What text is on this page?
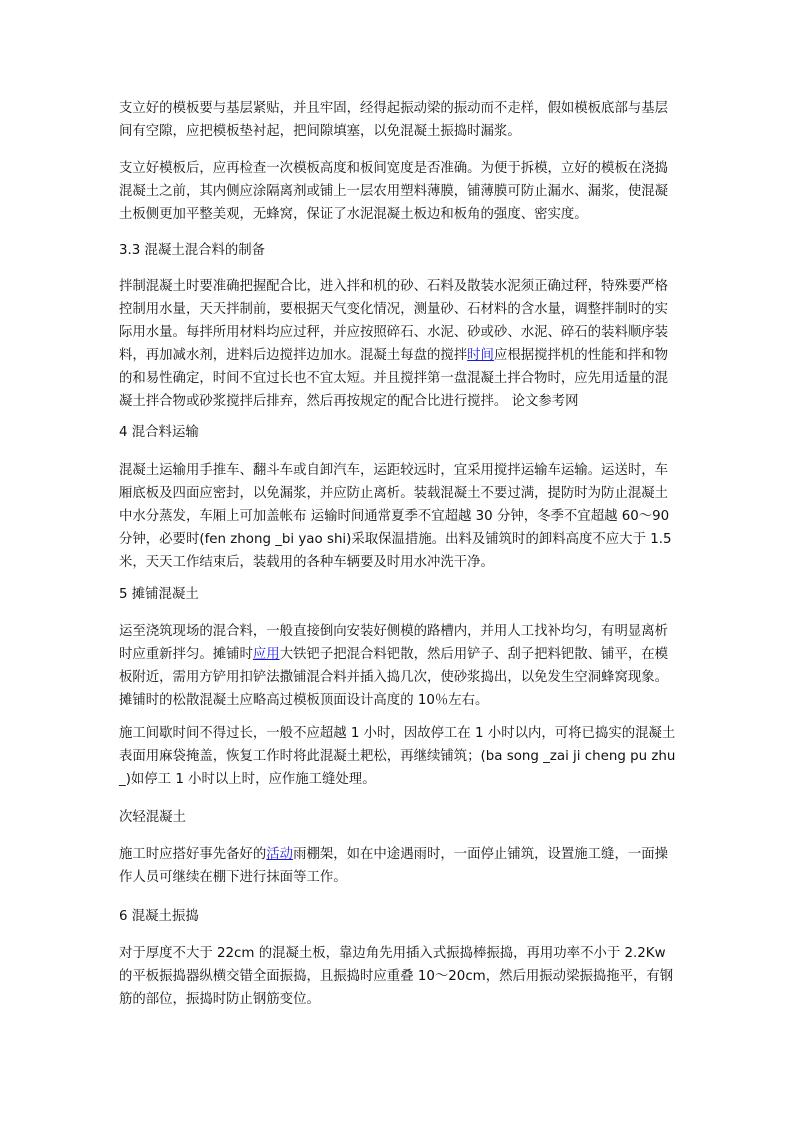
支立好的模板要与基层紧贴，并且牢固，经得起振动梁的振动而不走样，假如模板底部与基层间有空隙，应把模板垫衬起，把间隙填塞，以免混凝土振捣时漏浆。

支立好模板后，应再检查一次模板高度和板间宽度是否准确。为便于拆模，立好的模板在浇捣混凝土之前，其内侧应涂隔离剂或铺上一层农用塑料薄膜，铺薄膜可防止漏水、漏浆，使混凝土板侧更加平整美观，无蜂窝，保证了水泥混凝土板边和板角的强度、密实度。

3.3 混凝土混合料的制备

拌制混凝土时要准确把握配合比，进入拌和机的砂、石料及散装水泥须正确过秤，特殊要严格控制用水量，天天拌制前，要根据天气变化情况，测量砂、石材料的含水量，调整拌制时的实际用水量。每拌所用材料均应过秤，并应按照碎石、水泥、砂或砂、水泥、碎石的装料顺序装料，再加减水剂，进料后边搅拌边加水。混凝土每盘的搅拌时间应根据搅拌机的性能和拌和物的和易性确定，时间不宜过长也不宜太短。并且搅拌第一盘混凝土拌合物时，应先用适量的混凝土拌合物或砂浆搅拌后排弃，然后再按规定的配合比进行搅拌。 论文参考网

4 混合料运输

混凝土运输用手推车、翻斗车或自卸汽车，运距较远时，宜采用搅拌运输车运输。运送时，车厢底板及四面应密封，以免漏浆，并应防止离析。装载混凝土不要过满，提防时为防止混凝土中水分蒸发，车厢上可加盖帐布 运输时间通常夏季不宜超越 30 分钟，冬季不宜超越 60～90 分钟，必要时(fen zhong _bi yao shi)采取保温措施。出料及铺筑时的卸料高度不应大于 1.5 米，天天工作结束后，装载用的各种车辆要及时用水冲洗干净。

5 摊铺混凝土

运至浇筑现场的混合料，一般直接倒向安装好侧模的路槽内，并用人工找补均匀，有明显离析时应重新拌匀。摊铺时应用大铁钯子把混合料钯散，然后用铲子、刮子把料钯散、铺平，在模板附近，需用方铲用扣铲法撒铺混合料并插入捣几次，使砂浆捣出，以免发生空洞蜂窝现象。摊铺时的松散混凝土应略高过模板顶面设计高度的 10％左右。

施工间歇时间不得过长，一般不应超越 1 小时，因故停工在 1 小时以内，可将已捣实的混凝土表面用麻袋掩盖，恢复工作时将此混凝土耙松，再继续铺筑；(ba song _zai ji cheng pu zhu _)如停工 1 小时以上时，应作施工缝处理。

次轻混凝土

施工时应搭好事先备好的活动雨棚架，如在中途遇雨时，一面停止铺筑，设置施工缝，一面操作人员可继续在棚下进行抹面等工作。

6 混凝土振捣

对于厚度不大于 22cm 的混凝土板，靠边角先用插入式振捣棒振捣，再用功率不小于 2.2Kw 的平板振捣器纵横交错全面振捣，且振捣时应重叠 10～20cm，然后用振动梁振捣拖平，有钢筋的部位，振捣时防止钢筋变位。
